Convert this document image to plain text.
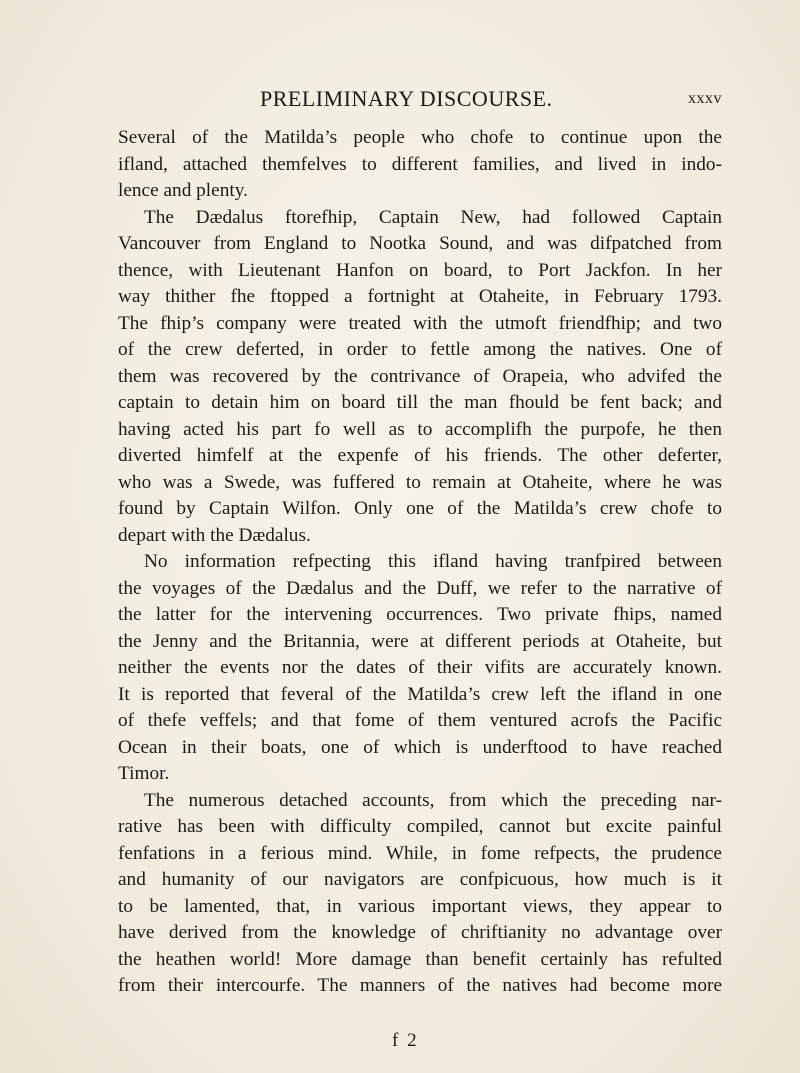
PRELIMINARY DISCOURSE.	xxxv
Several of the Matilda’s people who chofe to continue upon the
ifland, attached themfelves to different families, and lived in indo-
lence and plenty.
The Dædalus ftorefhip, Captain New, had followed Captain
Vancouver from England to Nootka Sound, and was difpatched from
thence, with Lieutenant Hanfon on board, to Port Jackfon. In her
way thither fhe ftopped a fortnight at Otaheite, in February 1793.
The fhip’s company were treated with the utmoft friendfhip; and two
of the crew deferted, in order to fettle among the natives. One of
them was recovered by the contrivance of Orapeia, who advifed the
captain to detain him on board till the man fhould be fent back; and
having acted his part fo well as to accomplifh the purpofe, he then
diverted himfelf at the expenfe of his friends. The other deferter,
who was a Swede, was fuffered to remain at Otaheite, where he was
found by Captain Wilfon. Only one of the Matilda’s crew chofe to
depart with the Dædalus.
No information refpecting this ifland having tranfpired between
the voyages of the Dædalus and the Duff, we refer to the narrative of
the latter for the intervening occurrences. Two private fhips, named
the Jenny and the Britannia, were at different periods at Otaheite, but
neither the events nor the dates of their vifits are accurately known.
It is reported that feveral of the Matilda’s crew left the ifland in one
of thefe veffels; and that fome of them ventured acrofs the Pacific
Ocean in their boats, one of which is underftood to have reached
Timor.
The numerous detached accounts, from which the preceding nar-
rative has been with difficulty compiled, cannot but excite painful
fenfations in a ferious mind. While, in fome refpects, the prudence
and humanity of our navigators are confpicuous, how much is it
to be lamented, that, in various important views, they appear to
have derived from the knowledge of chriftianity no advantage over
the heathen world! More damage than benefit certainly has refulted
from their intercourfe. The manners of the natives had become more
f 2
